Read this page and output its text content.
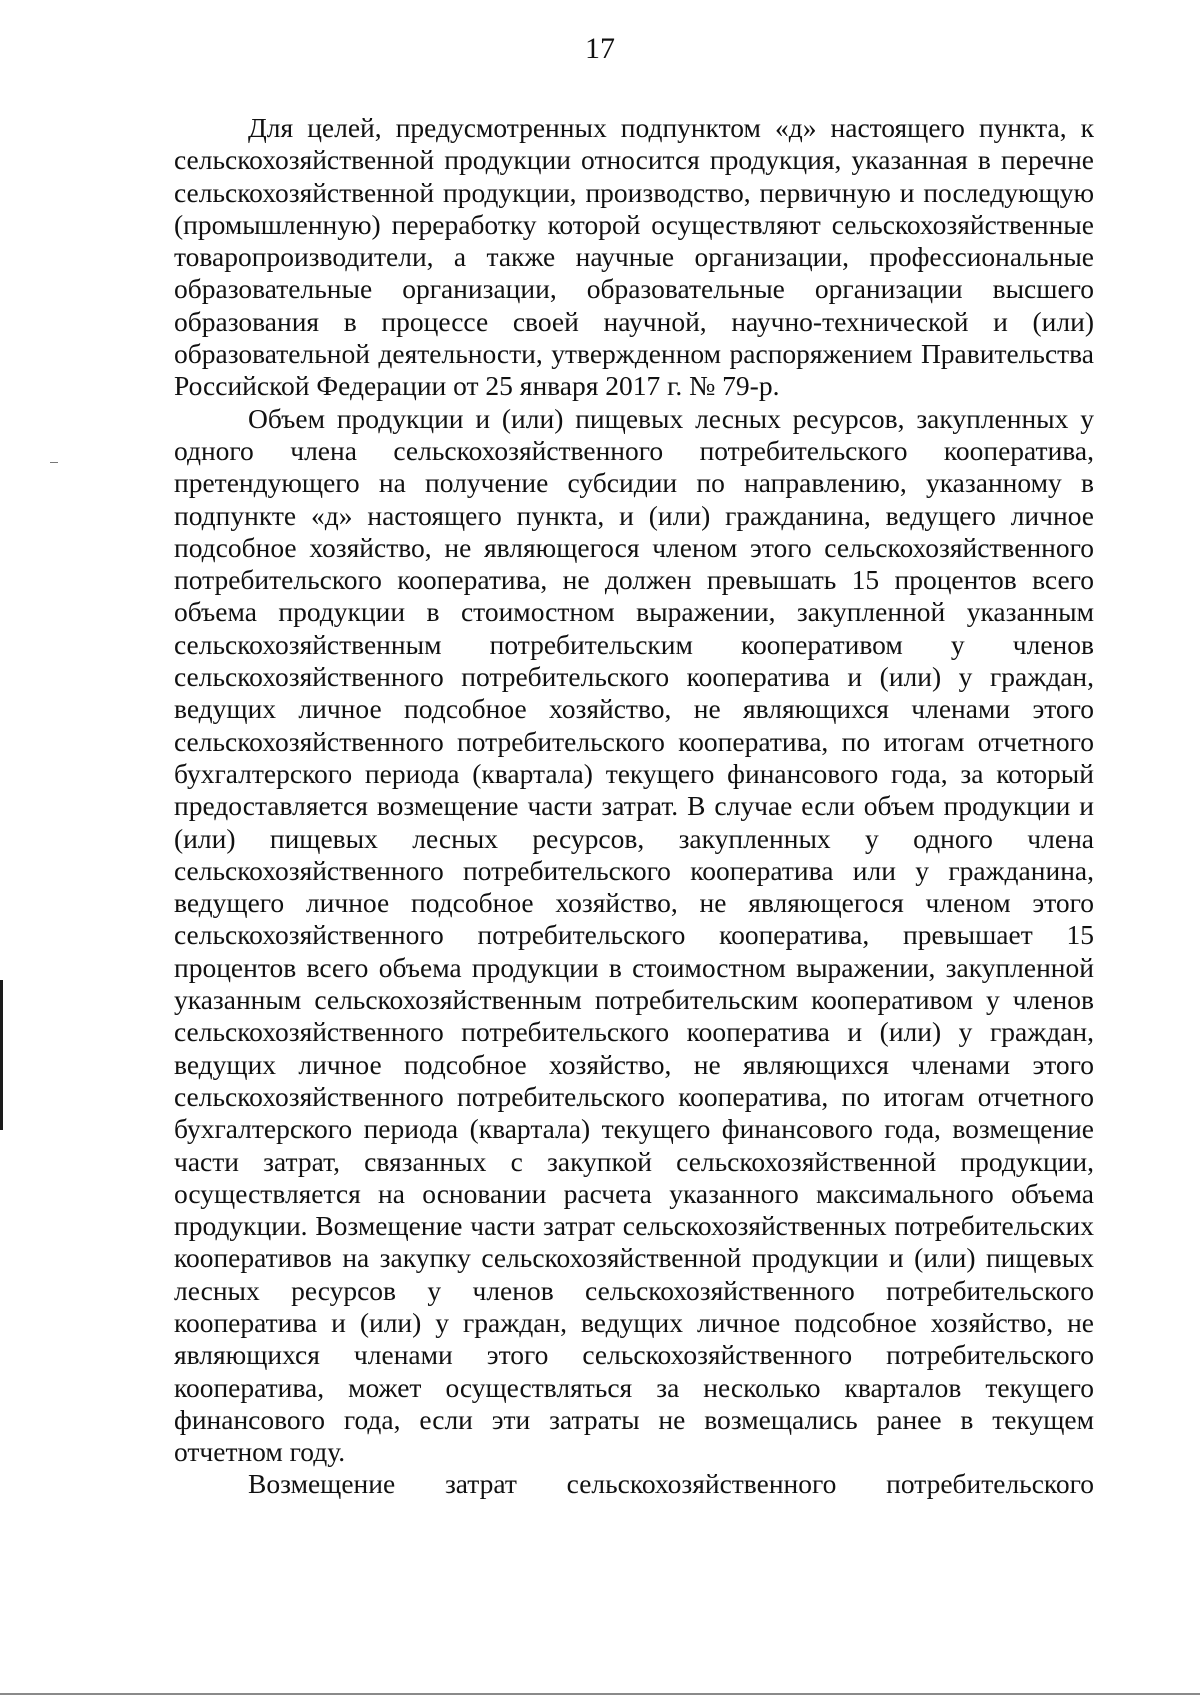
17

Для целей, предусмотренных подпунктом «д» настоящего пункта, к сельскохозяйственной продукции относится продукция, указанная в перечне сельскохозяйственной продукции, производство, первичную и последующую (промышленную) переработку которой осуществляют сельскохозяйственные товаропроизводители, а также научные организации, профессиональные образовательные организации, образовательные организации высшего образования в процессе своей научной, научно-технической и (или) образовательной деятельности, утвержденном распоряжением Правительства Российской Федерации от 25 января 2017 г. № 79-р.

Объем продукции и (или) пищевых лесных ресурсов, закупленных у одного члена сельскохозяйственного потребительского кооператива, претендующего на получение субсидии по направлению, указанному в подпункте «д» настоящего пункта, и (или) гражданина, ведущего личное подсобное хозяйство, не являющегося членом этого сельскохозяйственного потребительского кооператива, не должен превышать 15 процентов всего объема продукции в стоимостном выражении, закупленной указанным сельскохозяйственным потребительским кооперативом у членов сельскохозяйственного потребительского кооператива и (или) у граждан, ведущих личное подсобное хозяйство, не являющихся членами этого сельскохозяйственного потребительского кооператива, по итогам отчетного бухгалтерского периода (квартала) текущего финансового года, за который предоставляется возмещение части затрат. В случае если объем продукции и (или) пищевых лесных ресурсов, закупленных у одного члена сельскохозяйственного потребительского кооператива или у гражданина, ведущего личное подсобное хозяйство, не являющегося членом этого сельскохозяйственного потребительского кооператива, превышает 15 процентов всего объема продукции в стоимостном выражении, закупленной указанным сельскохозяйственным потребительским кооперативом у членов сельскохозяйственного потребительского кооператива и (или) у граждан, ведущих личное подсобное хозяйство, не являющихся членами этого сельскохозяйственного потребительского кооператива, по итогам отчетного бухгалтерского периода (квартала) текущего финансового года, возмещение части затрат, связанных с закупкой сельскохозяйственной продукции, осуществляется на основании расчета указанного максимального объема продукции. Возмещение части затрат сельскохозяйственных потребительских кооперативов на закупку сельскохозяйственной продукции и (или) пищевых лесных ресурсов у членов сельскохозяйственного потребительского кооператива и (или) у граждан, ведущих личное подсобное хозяйство, не являющихся членами этого сельскохозяйственного потребительского кооператива, может осуществляться за несколько кварталов текущего финансового года, если эти затраты не возмещались ранее в текущем отчетном году.

Возмещение затрат сельскохозяйственного потребительского
